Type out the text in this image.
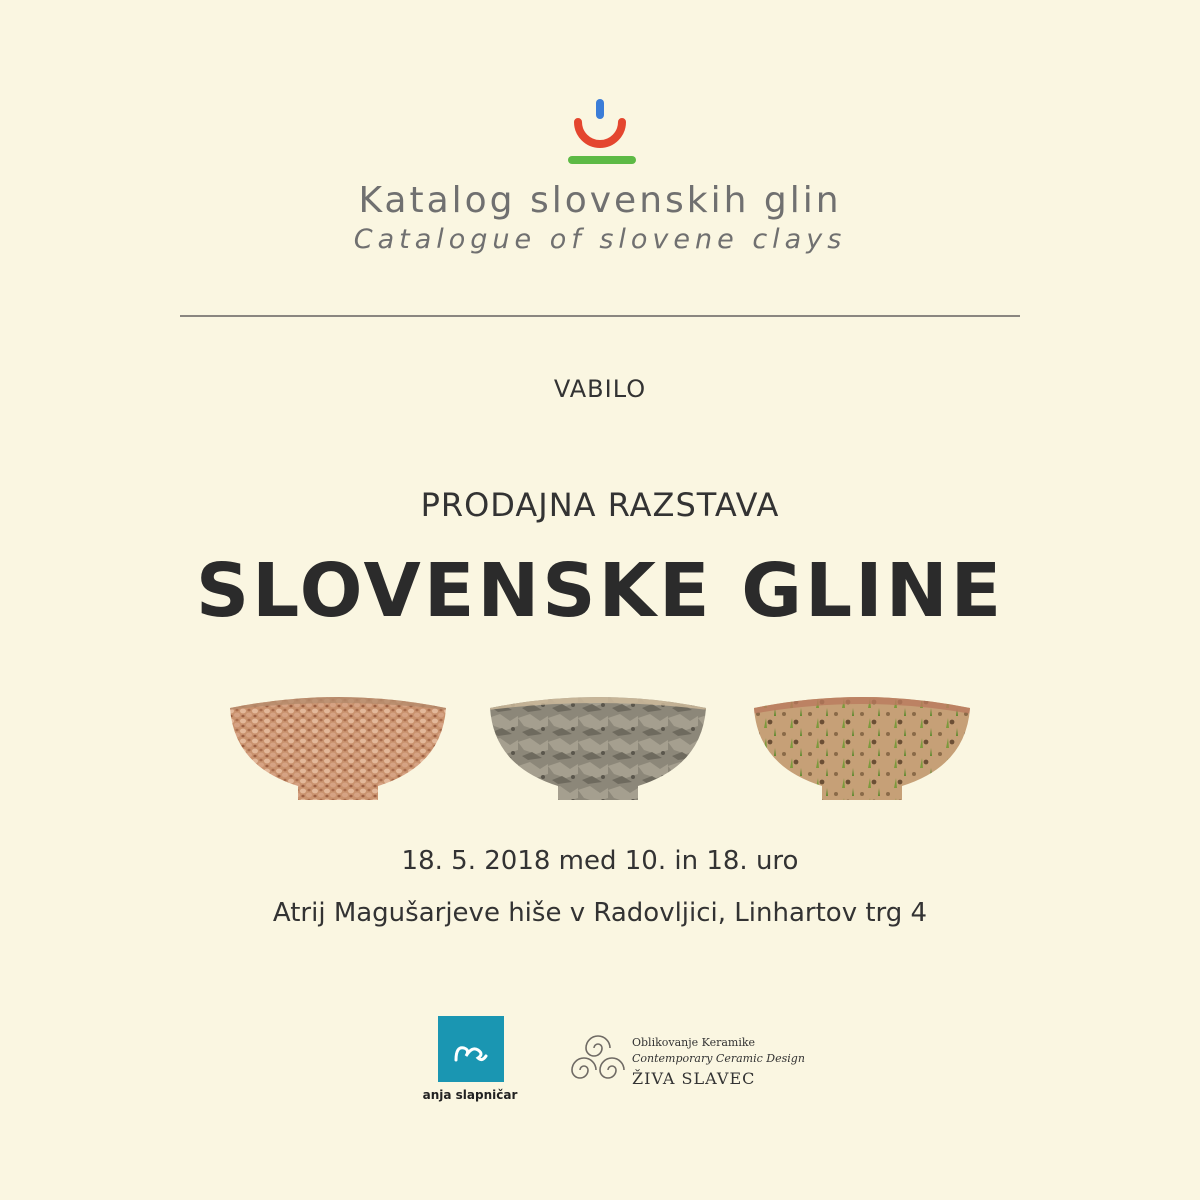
Katalog slovenskih glin
Catalogue of slovene clays
VABILO
PRODAJNA RAZSTAVA
SLOVENSKE GLINE
18. 5. 2018 med 10. in 18. uro
Atrij Magušarjeve hiše v Radovljici, Linhartov trg 4
anja slapničar
Oblikovanje Keramike
Contemporary Ceramic Design
ŽIVA SLAVEC
